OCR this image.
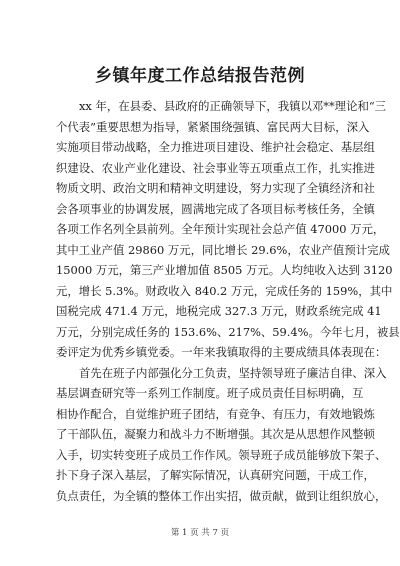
乡镇年度工作总结报告范例
xx 年，在县委、县政府的正确领导下，我镇以邓**理论和“三
个代表”重要思想为指导，紧紧围绕强镇、富民两大目标，深入
实施项目带动战略，全力推进项目建设、维护社会稳定、基层组
织建设、农业产业化建设、社会事业等五项重点工作，扎实推进
物质文明、政治文明和精神文明建设，努力实现了全镇经济和社
会各项事业的协调发展，圆满地完成了各项目标考核任务，全镇
各项工作名列全县前列。全年预计实现社会总产值 47000 万元，
其中工业产值 29860 万元，同比增长 29.6%，农业产值预计完成
15000 万元，第三产业增加值 8505 万元。人均纯收入达到 3120
元，增长 5.3%。财政收入 840.2 万元，完成任务的 159%，其中
国税完成 471.4 万元，地税完成 327.3 万元，财政系统完成 41
万元，分别完成任务的 153.6%、217%、59.4%。今年七月，被县
委评定为优秀乡镇党委。一年来我镇取得的主要成绩具体表现在：
首先在班子内部强化分工负责，坚持领导班子廉洁自律、深入
基层调查研究等一系列工作制度。班子成员责任目标明确，互
相协作配合，自觉维护班子团结，有竞争、有压力，有效地锻炼
了干部队伍，凝聚力和战斗力不断增强。其次是从思想作风整顿
入手，切实转变班子成员工作作风。领导班子成员能够放下架子、
扑下身子深入基层，了解实际情况，认真研究问题，干成工作，
负点责任，为全镇的整体工作出实招，做贡献，做到让组织放心，
第 1 页 共 7 页
